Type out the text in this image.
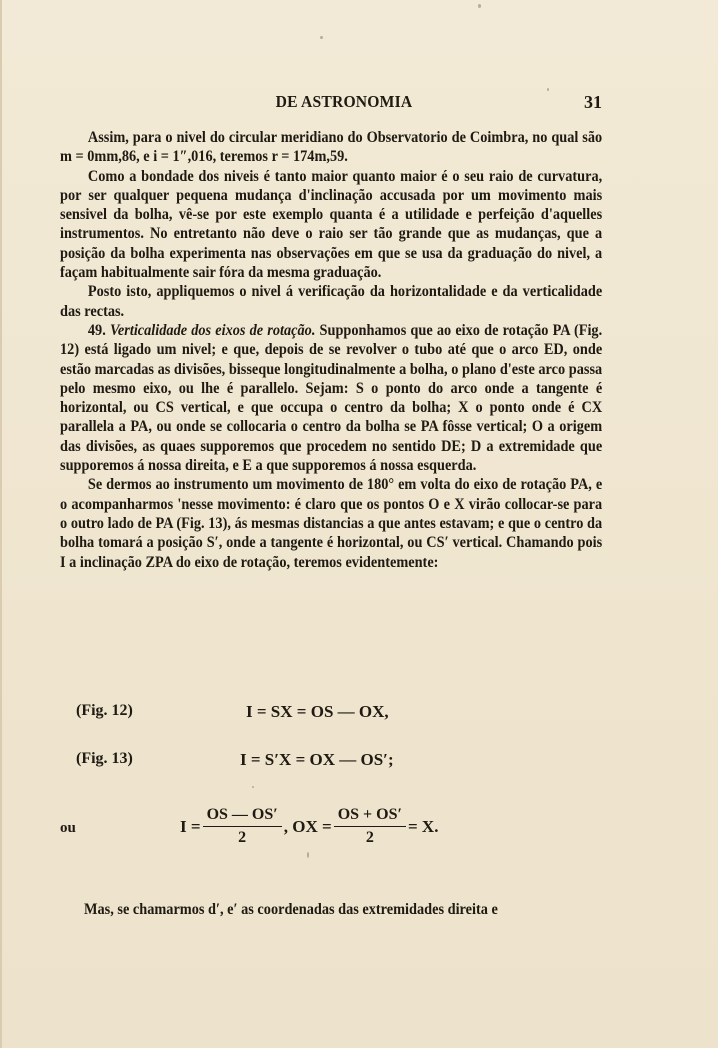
DE ASTRONOMIA	31

Assim, para o nivel do circular meridiano do Observatorio de Coimbra, no qual são m = 0mm,86, e i = 1″,016, teremos r = 174m,59.

Como a bondade dos niveis é tanto maior quanto maior é o seu raio de curvatura, por ser qualquer pequena mudança d'inclinação accusada por um movimento mais sensivel da bolha, vê-se por este exemplo quanta é a utilidade e perfeição d'aquelles instrumentos. No entretanto não deve o raio ser tão grande que as mudanças, que a posição da bolha experimenta nas observações em que se usa da graduação do nivel, a façam habitualmente sair fóra da mesma graduação.

Posto isto, appliquemos o nivel á verificação da horizontalidade e da verticalidade das rectas.

49. Verticalidade dos eixos de rotação. Supponhamos que ao eixo de rotação PA (Fig. 12) está ligado um nivel; e que, depois de se revolver o tubo até que o arco ED, onde estão marcadas as divisões, bisseque longitudinalmente a bolha, o plano d'este arco passa pelo mesmo eixo, ou lhe é parallelo. Sejam: S o ponto do arco onde a tangente é horizontal, ou CS vertical, e que occupa o centro da bolha; X o ponto onde é CX parallela a PA, ou onde se collocaria o centro da bolha se PA fôsse vertical; O a origem das divisões, as quaes supporemos que procedem no sentido DE; D a extremidade que supporemos á nossa direita, e E a que supporemos á nossa esquerda.

Se dermos ao instrumento um movimento de 180° em volta do eixo de rotação PA, e o acompanharmos 'nesse movimento: é claro que os pontos O e X virão collocar-se para o outro lado de PA (Fig. 13), ás mesmas distancias a que antes estavam; e que o centro da bolha tomará a posição S′, onde a tangente é horizontal, ou CS′ vertical. Chamando pois I a inclinação ZPA do eixo de rotação, teremos evidentemente:

(Fig. 12)	I = SX = OS — OX,
(Fig. 13)	I = S′X = OX — OS′;
ou	$I = \frac{OS — OS'}{2}$ , OX = $\frac{OS + OS'}{2} = X$.
Mas, se chamarmos d′, e′ as coordenadas das extremidades direita e
